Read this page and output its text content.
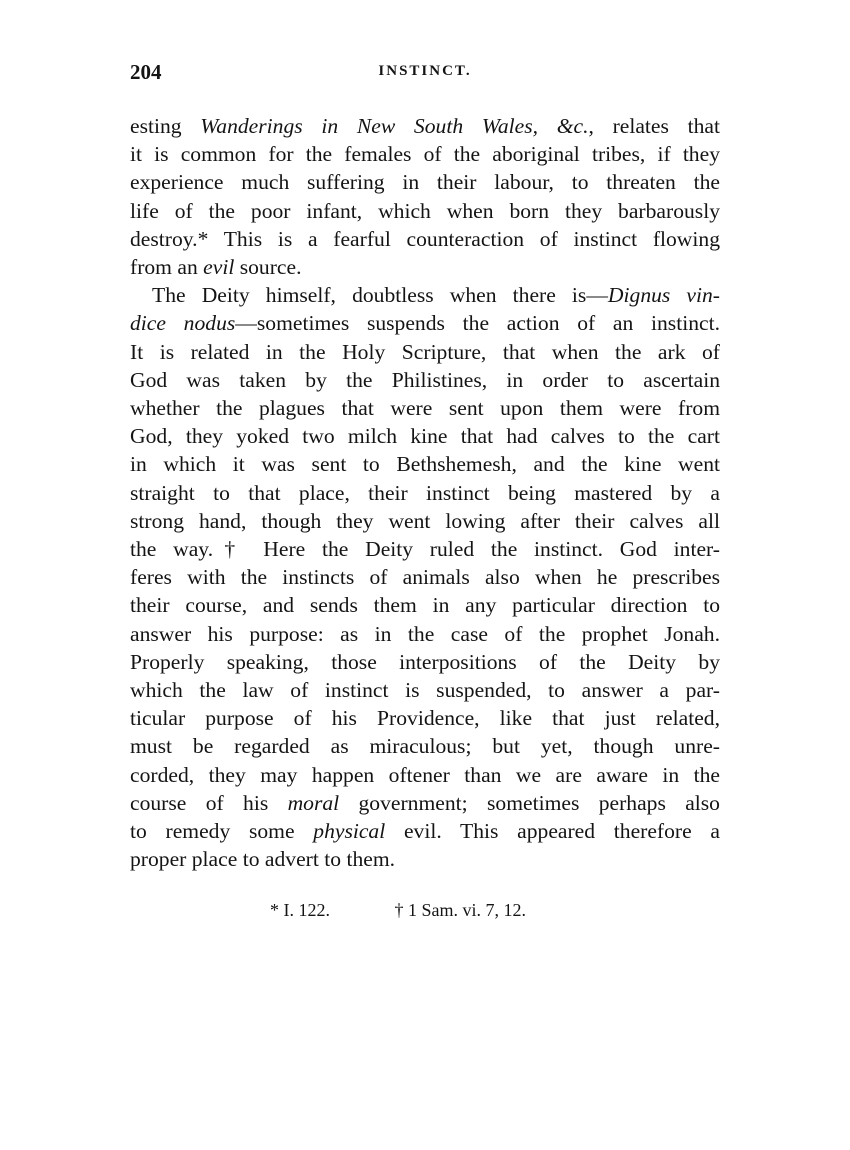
204	INSTINCT.
esting Wanderings in New South Wales, &c., relates that
it is common for the females of the aboriginal tribes, if they
experience much suffering in their labour, to threaten the
life of the poor infant, which when born they barbarously
destroy.* This is a fearful counteraction of instinct flowing
from an evil source.
The Deity himself, doubtless when there is—Dignus vin-
dice nodus—sometimes suspends the action of an instinct.
It is related in the Holy Scripture, that when the ark of
God was taken by the Philistines, in order to ascertain
whether the plagues that were sent upon them were from
God, they yoked two milch kine that had calves to the cart
in which it was sent to Bethshemesh, and the kine went
straight to that place, their instinct being mastered by a
strong hand, though they went lowing after their calves all
the way.† Here the Deity ruled the instinct. God inter-
feres with the instincts of animals also when he prescribes
their course, and sends them in any particular direction to
answer his purpose: as in the case of the prophet Jonah.
Properly speaking, those interpositions of the Deity by
which the law of instinct is suspended, to answer a par-
ticular purpose of his Providence, like that just related,
must be regarded as miraculous; but yet, though unre-
corded, they may happen oftener than we are aware in the
course of his moral government; sometimes perhaps also
to remedy some physical evil. This appeared therefore a
proper place to advert to them.
* I. 122.	† 1 Sam. vi. 7, 12.
